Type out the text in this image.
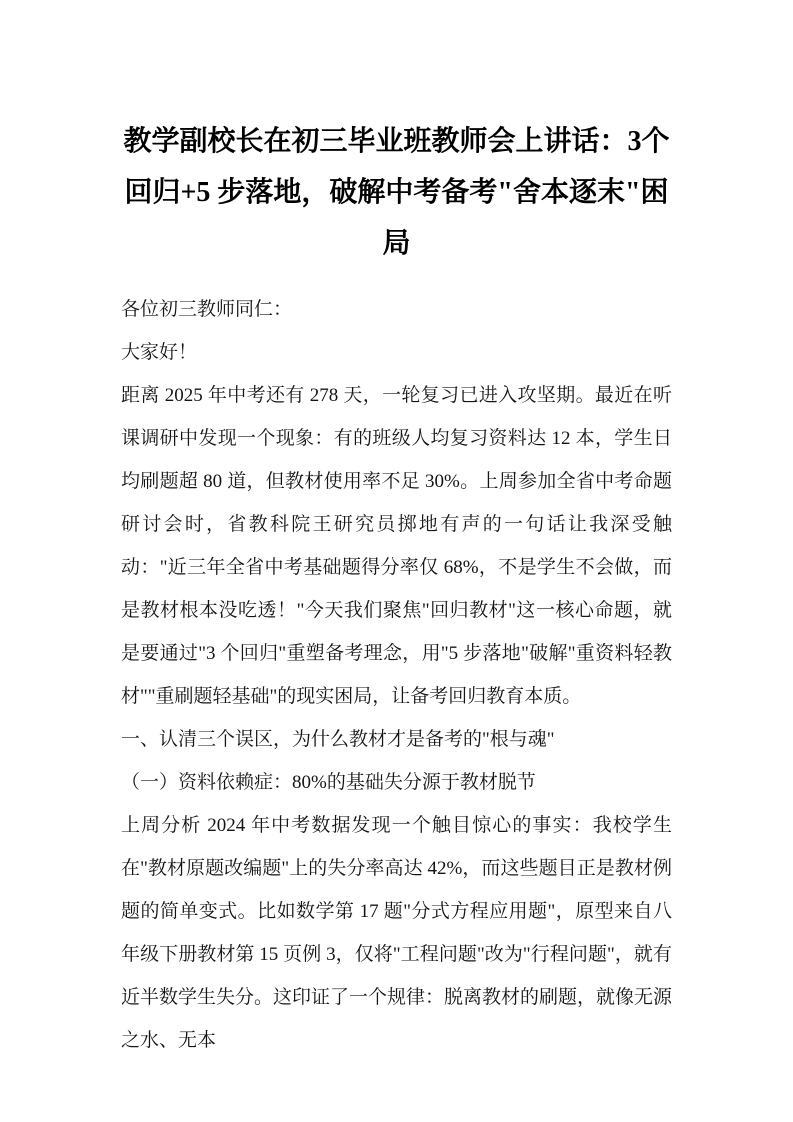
教学副校长在初三毕业班教师会上讲话：3个回归+5 步落地，破解中考备考"舍本逐末"困局

各位初三教师同仁：

大家好！

距离 2025 年中考还有 278 天，一轮复习已进入攻坚期。最近在听课调研中发现一个现象：有的班级人均复习资料达 12 本，学生日均刷题超 80 道，但教材使用率不足 30%。上周参加全省中考命题研讨会时，省教科院王研究员掷地有声的一句话让我深受触动："近三年全省中考基础题得分率仅 68%，不是学生不会做，而是教材根本没吃透！"今天我们聚焦"回归教材"这一核心命题，就是要通过"3 个回归"重塑备考理念，用"5 步落地"破解"重资料轻教材""重刷题轻基础"的现实困局，让备考回归教育本质。

一、认清三个误区，为什么教材才是备考的"根与魂"

（一）资料依赖症：80%的基础失分源于教材脱节

上周分析 2024 年中考数据发现一个触目惊心的事实：我校学生在"教材原题改编题"上的失分率高达 42%，而这些题目正是教材例题的简单变式。比如数学第 17 题"分式方程应用题"，原型来自八年级下册教材第 15 页例 3，仅将"工程问题"改为"行程问题"，就有近半数学生失分。这印证了一个规律：脱离教材的刷题，就像无源之水、无本
